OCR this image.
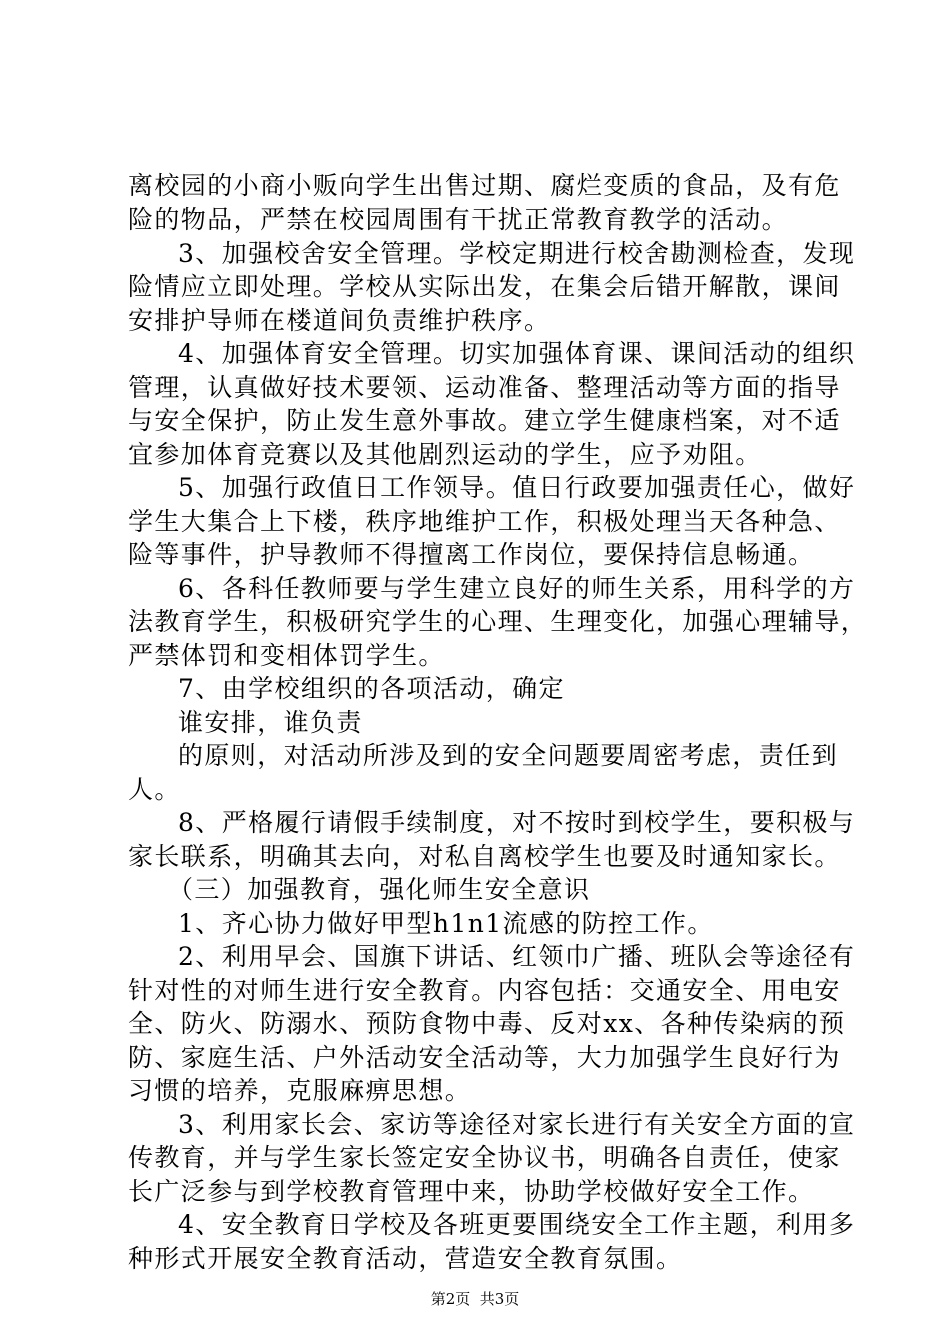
离校园的小商小贩向学生出售过期、腐烂变质的食品，及有危
险的物品，严禁在校园周围有干扰正常教育教学的活动。
3、加强校舍安全管理。学校定期进行校舍勘测检查，发现
险情应立即处理。学校从实际出发，在集会后错开解散，课间
安排护导师在楼道间负责维护秩序。
4、加强体育安全管理。切实加强体育课、课间活动的组织
管理，认真做好技术要领、运动准备、整理活动等方面的指导
与安全保护，防止发生意外事故。建立学生健康档案，对不适
宜参加体育竞赛以及其他剧烈运动的学生，应予劝阻。
5、加强行政值日工作领导。值日行政要加强责任心，做好
学生大集合上下楼，秩序地维护工作，积极处理当天各种急、
险等事件，护导教师不得擅离工作岗位，要保持信息畅通。
6、各科任教师要与学生建立良好的师生关系，用科学的方
法教育学生，积极研究学生的心理、生理变化，加强心理辅导，
严禁体罚和变相体罚学生。
7、由学校组织的各项活动，确定
谁安排，谁负责
的原则，对活动所涉及到的安全问题要周密考虑，责任到
人。
8、严格履行请假手续制度，对不按时到校学生，要积极与
家长联系，明确其去向，对私自离校学生也要及时通知家长。
（三）加强教育，强化师生安全意识
1、齐心协力做好甲型h1n1流感的防控工作。
2、利用早会、国旗下讲话、红领巾广播、班队会等途径有
针对性的对师生进行安全教育。内容包括：交通安全、用电安
全、防火、防溺水、预防食物中毒、反对xx、各种传染病的预
防、家庭生活、户外活动安全活动等，大力加强学生良好行为
习惯的培养，克服麻痹思想。
3、利用家长会、家访等途径对家长进行有关安全方面的宣
传教育，并与学生家长签定安全协议书，明确各自责任，使家
长广泛参与到学校教育管理中来，协助学校做好安全工作。
4、安全教育日学校及各班更要围绕安全工作主题，利用多
种形式开展安全教育活动，营造安全教育氛围。
第2页  共3页
